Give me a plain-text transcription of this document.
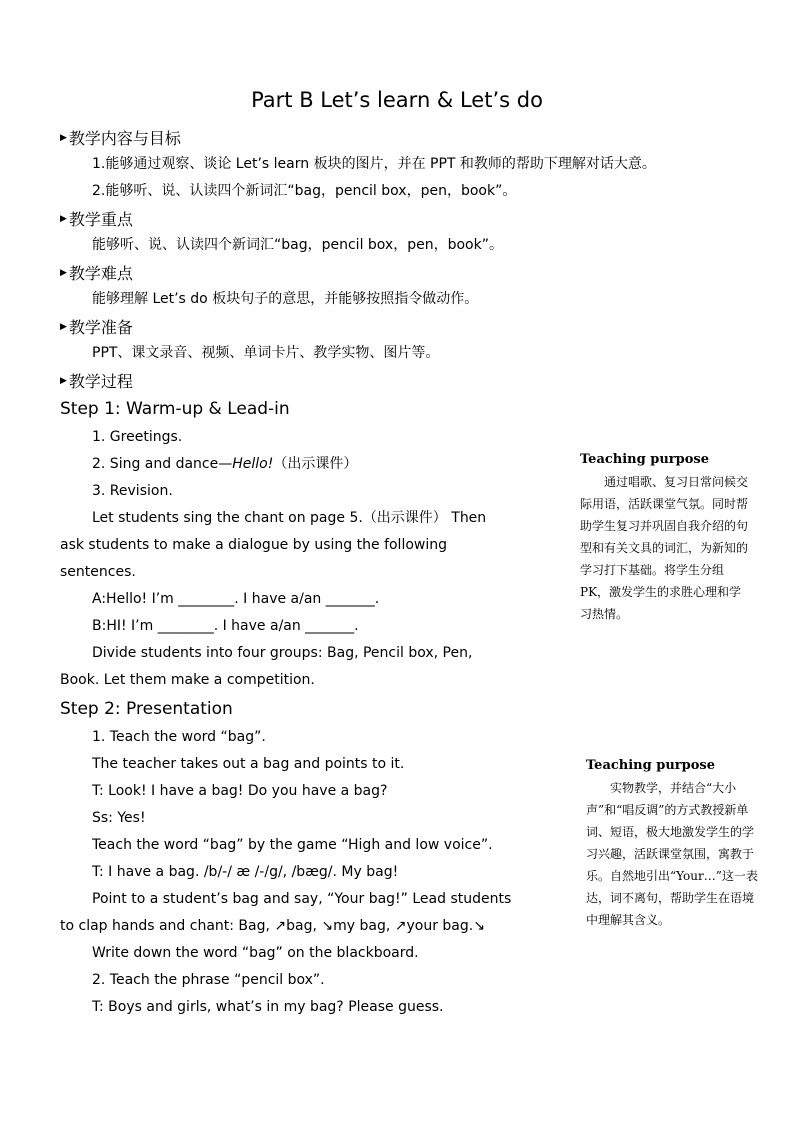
Part B Let’s learn & Let’s do
▶ 教学内容与目标
1.能够通过观察、谈论 Let’s learn 板块的图片，并在 PPT 和教师的帮助下理解对话大意。
2.能够听、说、认读四个新词汇“bag，pencil box，pen，book”。
▶ 教学重点
能够听、说、认读四个新词汇“bag，pencil box，pen，book”。
▶ 教学难点
能够理解 Let’s do 板块句子的意思，并能够按照指令做动作。
▶ 教学准备
PPT、课文录音、视频、单词卡片、教学实物、图片等。
▶ 教学过程
Step 1: Warm-up & Lead-in
1. Greetings.
2. Sing and dance—Hello!（出示课件）
3. Revision.
Let students sing the chant on page 5.（出示课件） Then
ask students to make a dialogue by using the following
sentences.
A:Hello! I’m ________. I have a/an _______.
B:HI! I’m ________. I have a/an _______.
Divide students into four groups: Bag, Pencil box, Pen,
Book. Let them make a competition.
Step 2: Presentation
1. Teach the word “bag”.
The teacher takes out a bag and points to it.
T: Look! I have a bag! Do you have a bag?
Ss: Yes!
Teach the word “bag” by the game “High and low voice”.
T: I have a bag. /b/-/ æ /-/g/, /bæg/. My bag!
Point to a student’s bag and say, “Your bag!” Lead students
to clap hands and chant: Bag, ↗bag, ↘my bag, ↗your bag.↘
Write down the word “bag” on the blackboard.
2. Teach the phrase “pencil box”.
T: Boys and girls, what’s in my bag? Please guess.
Teaching purpose
通过唱歌、复习日常问候交际用语，活跃课堂气氛。同时帮助学生复习并巩固自我介绍的句型和有关文具的词汇，为新知的学习打下基础。将学生分组PK，激发学生的求胜心理和学习热情。
Teaching purpose
实物教学，并结合“大小声”和“唱反调”的方式教授新单词、短语，极大地激发学生的学习兴趣，活跃课堂氛围，寓教于乐。自然地引出“Your…”这一表达，词不离句，帮助学生在语境中理解其含义。
